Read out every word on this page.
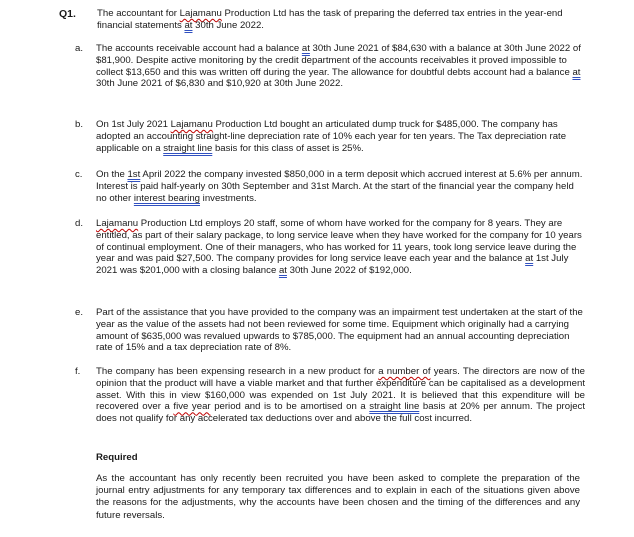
Q1. The accountant for Lajamanu Production Ltd has the task of preparing the deferred tax entries in the year-end financial statements at 30th June 2022.
a. The accounts receivable account had a balance at 30th June 2021 of $84,630 with a balance at 30th June 2022 of $81,900. Despite active monitoring by the credit department of the accounts receivables it proved impossible to collect $13,650 and this was written off during the year. The allowance for doubtful debts account had a balance at 30th June 2021 of $6,830 and $10,920 at 30th June 2022.
b. On 1st July 2021 Lajamanu Production Ltd bought an articulated dump truck for $485,000. The company has adopted an accounting straight-line depreciation rate of 10% each year for ten years. The Tax depreciation rate applicable on a straight line basis for this class of asset is 25%.
c. On the 1st April 2022 the company invested $850,000 in a term deposit which accrued interest at 5.6% per annum. Interest is paid half-yearly on 30th September and 31st March. At the start of the financial year the company held no other interest bearing investments.
d. Lajamanu Production Ltd employs 20 staff, some of whom have worked for the company for 8 years. They are entitled, as part of their salary package, to long service leave when they have worked for the company for 10 years of continual employment. One of their managers, who has worked for 11 years, took long service leave during the year and was paid $27,500. The company provides for long service leave each year and the balance at 1st July 2021 was $201,000 with a closing balance at 30th June 2022 of $192,000.
e. Part of the assistance that you have provided to the company was an impairment test undertaken at the start of the year as the value of the assets had not been reviewed for some time. Equipment which originally had a carrying amount of $635,000 was revalued upwards to $785,000. The equipment had an annual accounting depreciation rate of 15% and a tax depreciation rate of 8%.
f. The company has been expensing research in a new product for a number of years. The directors are now of the opinion that the product will have a viable market and that further expenditure can be capitalised as a development asset. With this in view $160,000 was expended on 1st July 2021. It is believed that this expenditure will be recovered over a five year period and is to be amortised on a straight line basis at 20% per annum. The project does not qualify for any accelerated tax deductions over and above the full cost incurred.
Required
As the accountant has only recently been recruited you have been asked to complete the preparation of the journal entry adjustments for any temporary tax differences and to explain in each of the situations given above the reasons for the adjustments, why the accounts have been chosen and the timing of the differences and any future reversals.
